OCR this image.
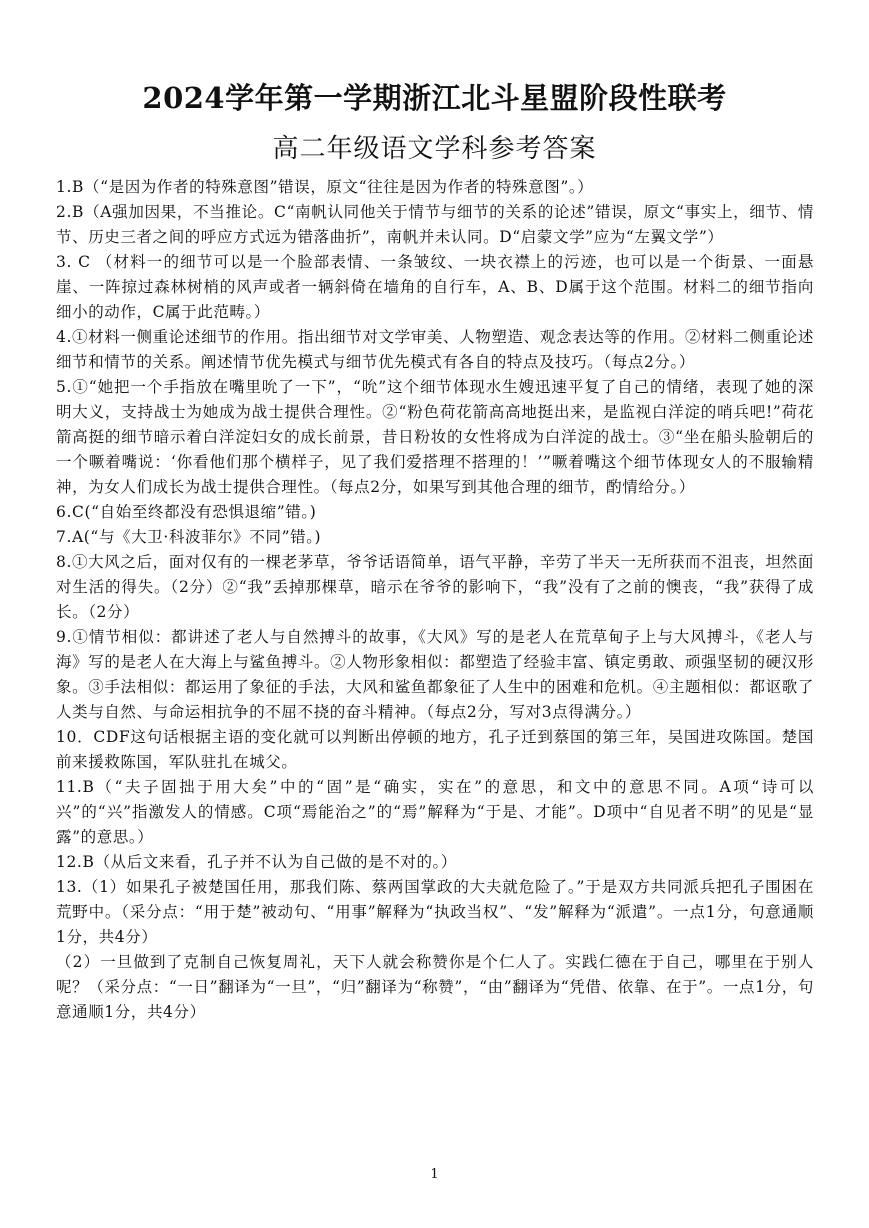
2024学年第一学期浙江北斗星盟阶段性联考
高二年级语文学科参考答案

1.B（“是因为作者的特殊意图”错误，原文“往往是因为作者的特殊意图”。）

2.B（A强加因果，不当推论。C“南帆认同他关于情节与细节的关系的论述”错误，原文“事实上，细节、情节、历史三者之间的呼应方式远为错落曲折”，南帆并未认同。D“启蒙文学”应为“左翼文学”）

3. C （材料一的细节可以是一个脸部表情、一条皱纹、一块衣襟上的污迹，也可以是一个街景、一面悬崖、一阵掠过森林树梢的风声或者一辆斜倚在墙角的自行车，A、B、D属于这个范围。材料二的细节指向细小的动作，C属于此范畴。）

4.①材料一侧重论述细节的作用。指出细节对文学审美、人物塑造、观念表达等的作用。②材料二侧重论述细节和情节的关系。阐述情节优先模式与细节优先模式有各自的特点及技巧。（每点2分。）

5.①“她把一个手指放在嘴里吮了一下”，“吮”这个细节体现水生嫂迅速平复了自己的情绪，表现了她的深明大义，支持战士为她成为战士提供合理性。②“粉色荷花箭高高地挺出来，是监视白洋淀的哨兵吧!”荷花箭高挺的细节暗示着白洋淀妇女的成长前景，昔日粉妆的女性将成为白洋淀的战士。③“坐在船头脸朝后的一个噘着嘴说：‘你看他们那个横样子，见了我们爱搭理不搭理的！’”噘着嘴这个细节体现女人的不服输精神，为女人们成长为战士提供合理性。（每点2分，如果写到其他合理的细节，酌情给分。）

6.C(“自始至终都没有恐惧退缩”错。)

7.A(“与《大卫·科波菲尔》不同”错。)

8.①大风之后，面对仅有的一棵老茅草，爷爷话语简单，语气平静，辛劳了半天一无所获而不沮丧，坦然面对生活的得失。（2分）②“我”丢掉那棵草，暗示在爷爷的影响下，“我”没有了之前的懊丧，“我”获得了成长。（2分）

9.①情节相似：都讲述了老人与自然搏斗的故事，《大风》写的是老人在荒草甸子上与大风搏斗，《老人与海》写的是老人在大海上与鲨鱼搏斗。②人物形象相似：都塑造了经验丰富、镇定勇敢、顽强坚韧的硬汉形象。③手法相似：都运用了象征的手法，大风和鲨鱼都象征了人生中的困难和危机。④主题相似：都讴歌了人类与自然、与命运相抗争的不屈不挠的奋斗精神。（每点2分，写对3点得满分。）

10．CDF这句话根据主语的变化就可以判断出停顿的地方，孔子迁到蔡国的第三年，吴国进攻陈国。楚国前来援救陈国，军队驻扎在城父。

11.B（“夫子固拙于用大矣”中的“固”是“确实，实在”的意思，和文中的意思不同。A项“诗可以兴”的“兴”指激发人的情感。C项“焉能治之”的“焉”解释为“于是、才能”。D项中“自见者不明”的见是“显露”的意思。）

12.B（从后文来看，孔子并不认为自己做的是不对的。）

13.（1）如果孔子被楚国任用，那我们陈、蔡两国掌政的大夫就危险了。”于是双方共同派兵把孔子围困在荒野中。（采分点：“用于楚”被动句、“用事”解释为“执政当权”、“发”解释为“派遣”。一点1分，句意通顺1分，共4分）

（2）一旦做到了克制自己恢复周礼，天下人就会称赞你是个仁人了。实践仁德在于自己，哪里在于别人呢？（采分点：“一日”翻译为“一旦”，“归”翻译为“称赞”，“由”翻译为“凭借、依靠、在于”。一点1分，句意通顺1分，共4分）

1
